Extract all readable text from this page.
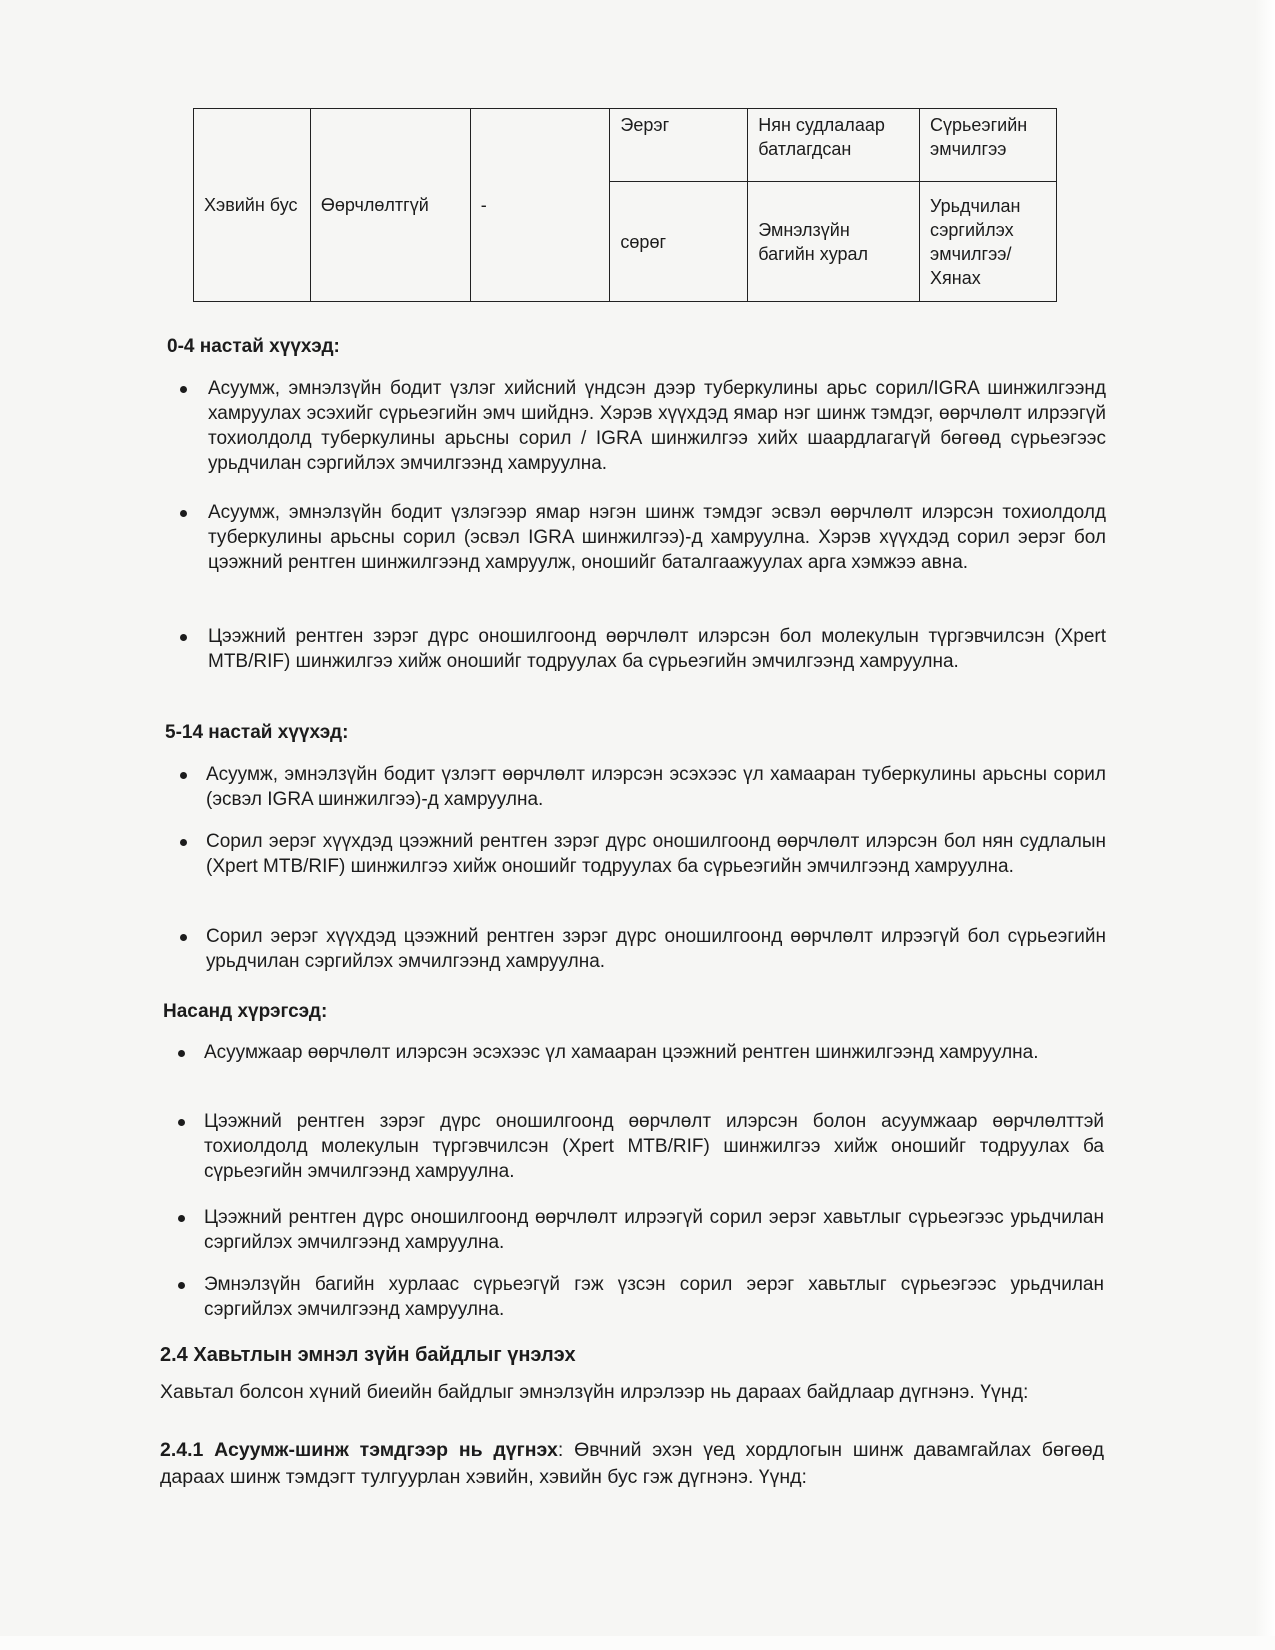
Хэвийн бус	Өөрчлөлтгүй	-	Эерэг	Нян судлалаар батлагдсан	Сүрьеэгийн эмчилгээ
			сөрөг	Эмнэлзүйн багийн хурал	Урьдчилан сэргийлэх эмчилгээ/ Хянах
0-4 настай хүүхэд:
Асуумж, эмнэлзүйн бодит үзлэг хийсний үндсэн дээр туберкулины арьс сорил/IGRA шинжилгээнд хамруулах эсэхийг сүрьеэгийн эмч шийднэ. Хэрэв хүүхдэд ямар нэг шинж тэмдэг, өөрчлөлт илрээгүй тохиолдолд туберкулины арьсны сорил / IGRA шинжилгээ хийх шаардлагагүй бөгөөд сүрьеэгээс урьдчилан сэргийлэх эмчилгээнд хамруулна.
Асуумж, эмнэлзүйн бодит үзлэгээр ямар нэгэн шинж тэмдэг эсвэл өөрчлөлт илэрсэн тохиолдолд туберкулины арьсны сорил (эсвэл IGRA шинжилгээ)-д хамруулна. Хэрэв хүүхдэд сорил эерэг бол цээжний рентген шинжилгээнд хамруулж, оношийг баталгаажуулах арга хэмжээ авна.
Цээжний рентген зэрэг дүрс оношилгоонд өөрчлөлт илэрсэн бол молекулын түргэвчилсэн (Xpert MTB/RIF) шинжилгээ хийж оношийг тодруулах ба сүрьеэгийн эмчилгээнд хамруулна.
5-14 настай хүүхэд:
Асуумж, эмнэлзүйн бодит үзлэгт өөрчлөлт илэрсэн эсэхээс үл хамааран туберкулины арьсны сорил (эсвэл IGRA шинжилгээ)-д хамруулна.
Сорил эерэг хүүхдэд цээжний рентген зэрэг дүрс оношилгоонд өөрчлөлт илэрсэн бол нян судлалын (Xpert MTB/RIF) шинжилгээ хийж оношийг тодруулах ба сүрьеэгийн эмчилгээнд хамруулна.
Сорил эерэг хүүхдэд цээжний рентген зэрэг дүрс оношилгоонд өөрчлөлт илрээгүй бол сүрьеэгийн урьдчилан сэргийлэх эмчилгээнд хамруулна.
Насанд хүрэгсэд:
Асуумжаар өөрчлөлт илэрсэн эсэхээс үл хамааран цээжний рентген шинжилгээнд хамруулна.
Цээжний рентген зэрэг дүрс оношилгоонд өөрчлөлт илэрсэн болон асуумжаар өөрчлөлттэй тохиолдолд молекулын түргэвчилсэн (Xpert MTB/RIF) шинжилгээ хийж оношийг тодруулах ба сүрьеэгийн эмчилгээнд хамруулна.
Цээжний рентген дүрс оношилгоонд өөрчлөлт илрээгүй сорил эерэг хавьтлыг сүрьеэгээс урьдчилан сэргийлэх эмчилгээнд хамруулна.
Эмнэлзүйн багийн хурлаас сүрьеэгүй гэж үзсэн сорил эерэг хавьтлыг сүрьеэгээс урьдчилан сэргийлэх эмчилгээнд хамруулна.
2.4 Хавьтлын эмнэл зүйн байдлыг үнэлэх
Хавьтал болсон хүний биеийн байдлыг эмнэлзүйн илрэлээр нь дараах байдлаар дүгнэнэ. Үүнд:
2.4.1 Асуумж-шинж тэмдгээр нь дүгнэх: Өвчний эхэн үед хордлогын шинж давамгайлах бөгөөд дараах шинж тэмдэгт тулгуурлан хэвийн, хэвийн бус гэж дүгнэнэ. Үүнд:
